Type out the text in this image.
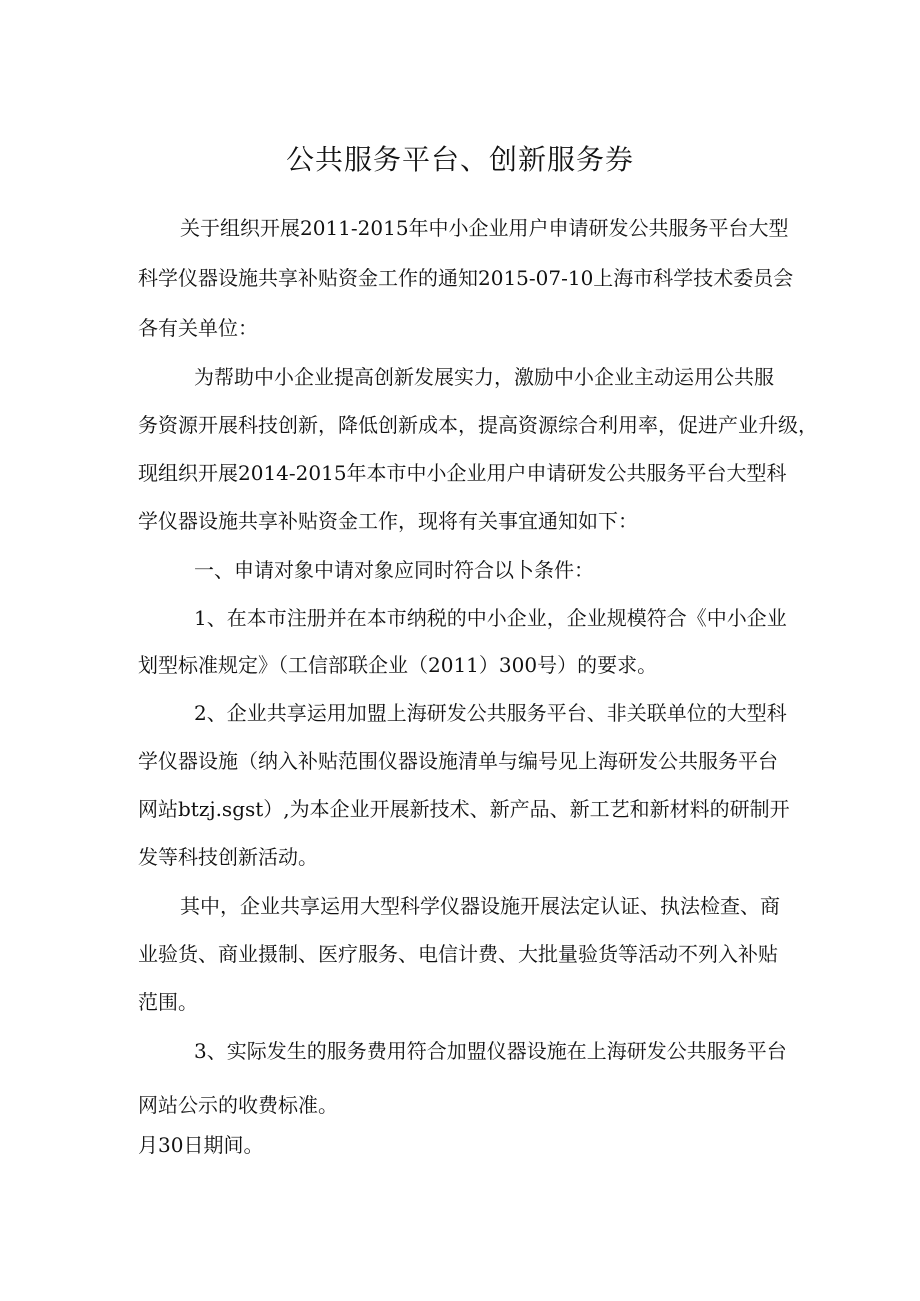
公共服务平台、创新服务券

关于组织开展2011-2015年中小企业用户申请研发公共服务平台大型

科学仪器设施共享补贴资金工作的通知2015-07-10上海市科学技术委员会

各有关单位：

为帮助中小企业提高创新发展实力，激励中小企业主动运用公共服

务资源开展科技创新，降低创新成本，提高资源综合利用率，促进产业升级，

现组织开展2014-2015年本市中小企业用户申请研发公共服务平台大型科

学仪器设施共享补贴资金工作，现将有关事宜通知如下：

一、申请对象中请对象应同时符合以卜条件：

1、在本市注册并在本市纳税的中小企业，企业规模符合《中小企业

划型标准规定》（工信部联企业（2011）300号）的要求。

2、企业共享运用加盟上海研发公共服务平台、非关联单位的大型科

学仪器设施（纳入补贴范围仪器设施清单与编号见上海研发公共服务平台

网站btzj.sgst）,为本企业开展新技术、新产品、新工艺和新材料的研制开

发等科技创新活动。

其中，企业共享运用大型科学仪器设施开展法定认证、执法检查、商

业验货、商业摄制、医疗服务、电信计费、大批量验货等活动不列入补贴

范围。

3、实际发生的服务费用符合加盟仪器设施在上海研发公共服务平台

网站公示的收费标准。

月30日期间。
